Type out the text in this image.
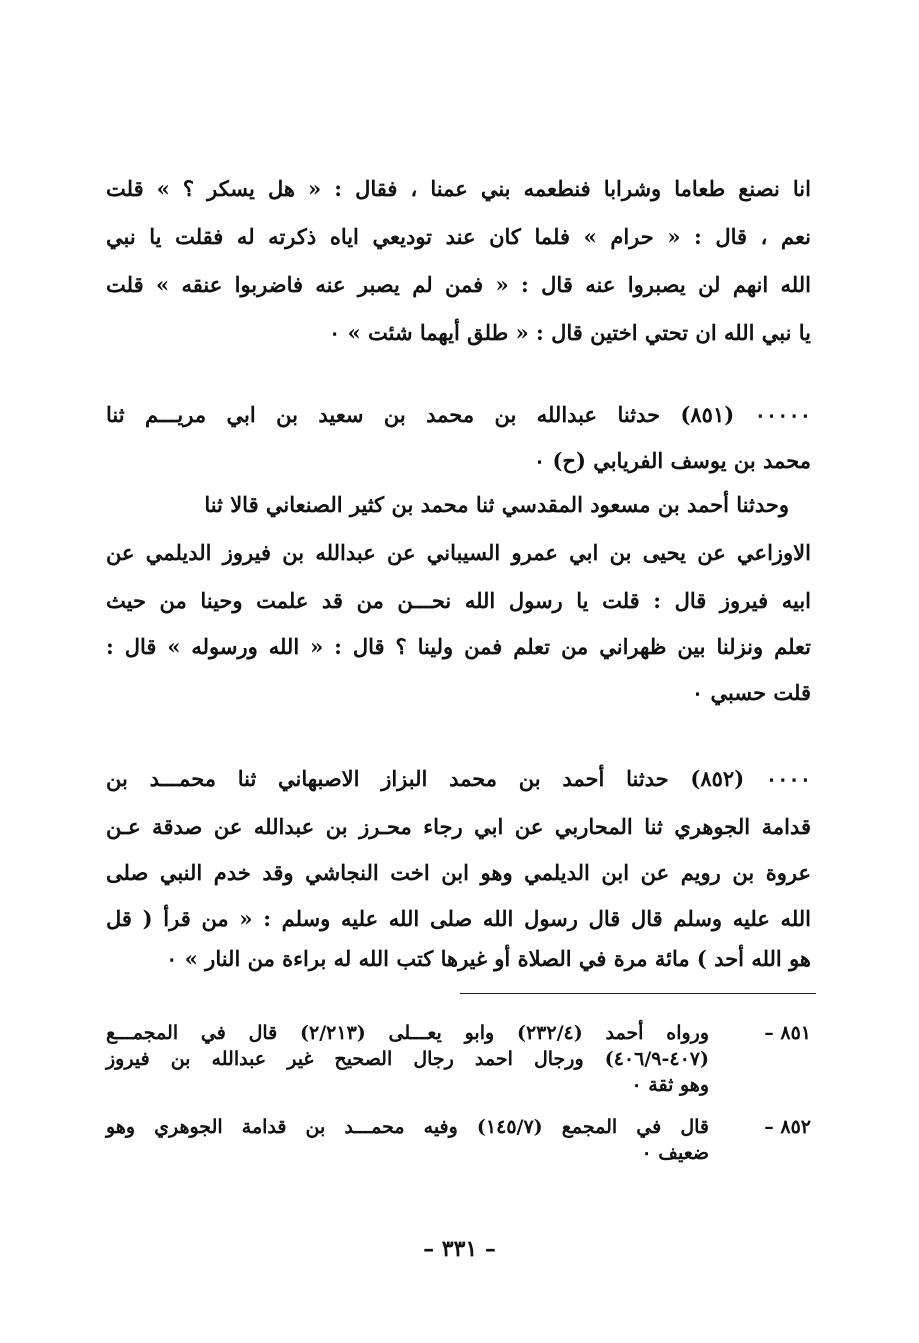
انا نصنع طعاما وشرابا فنطعمه بني عمنا ، فقال : « هل يسكر ؟ » قلت
نعم ، قال : « حرام » فلما كان عند توديعي اياه ذكرته له فقلت يا نبي
الله انهم لن يصبروا عنه قال : « فمن لم يصبر عنه فاضربوا عنقه » قلت
يا نبي الله ان تحتي اختين قال : « طلق أيهما شئت » ٠
٠٠٠٠٠ (٨٥١) حدثنا عبدالله بن محمد بن سعيد بن ابي مريـــم ثنا
محمد بن يوسف الفريابي (ح) ٠
وحدثنا أحمد بن مسعود المقدسي ثنا محمد بن كثير الصنعاني قالا ثنا
الاوزاعي عن يحيى بن ابي عمرو السيباني عن عبدالله بن فيروز الديلمي عن
ابيه فيروز قال : قلت يا رسول الله نحـــن من قد علمت وحينا من حيث
تعلم ونزلنا بين ظهراني من تعلم فمن ولينا ؟ قال : « الله ورسوله » قال :
قلت حسبي ٠
٠٠٠٠ (٨٥٢) حدثنا أحمد بن محمد البزاز الاصبهاني ثنا محمـــد بن
قدامة الجوهري ثنا المحاربي عن ابي رجاء محـرز بن عبدالله عن صدقة عـن
عروة بن رويم عن ابن الديلمي وهو ابن اخت النجاشي وقد خدم النبي صلى
الله عليه وسلم قال قال رسول الله صلى الله عليه وسلم : « من قرأ ( قل
هو الله أحد ) مائة مرة في الصلاة أو غيرها كتب الله له براءة من النار » ٠
٨٥١ –
ورواه أحمد (٢٣٢/٤) وابو يعـــلى (٢/٢١٣) قال في المجمـــع
(٤٠٧-٤٠٦/٩) ورجال احمد رجال الصحيح غير عبدالله بن فيروز
وهو ثقة ٠
٨٥٢ –
قال في المجمع (١٤٥/٧) وفيه محمـــد بن قدامة الجوهري وهو
ضعيف ٠
– ٣٣١ –
